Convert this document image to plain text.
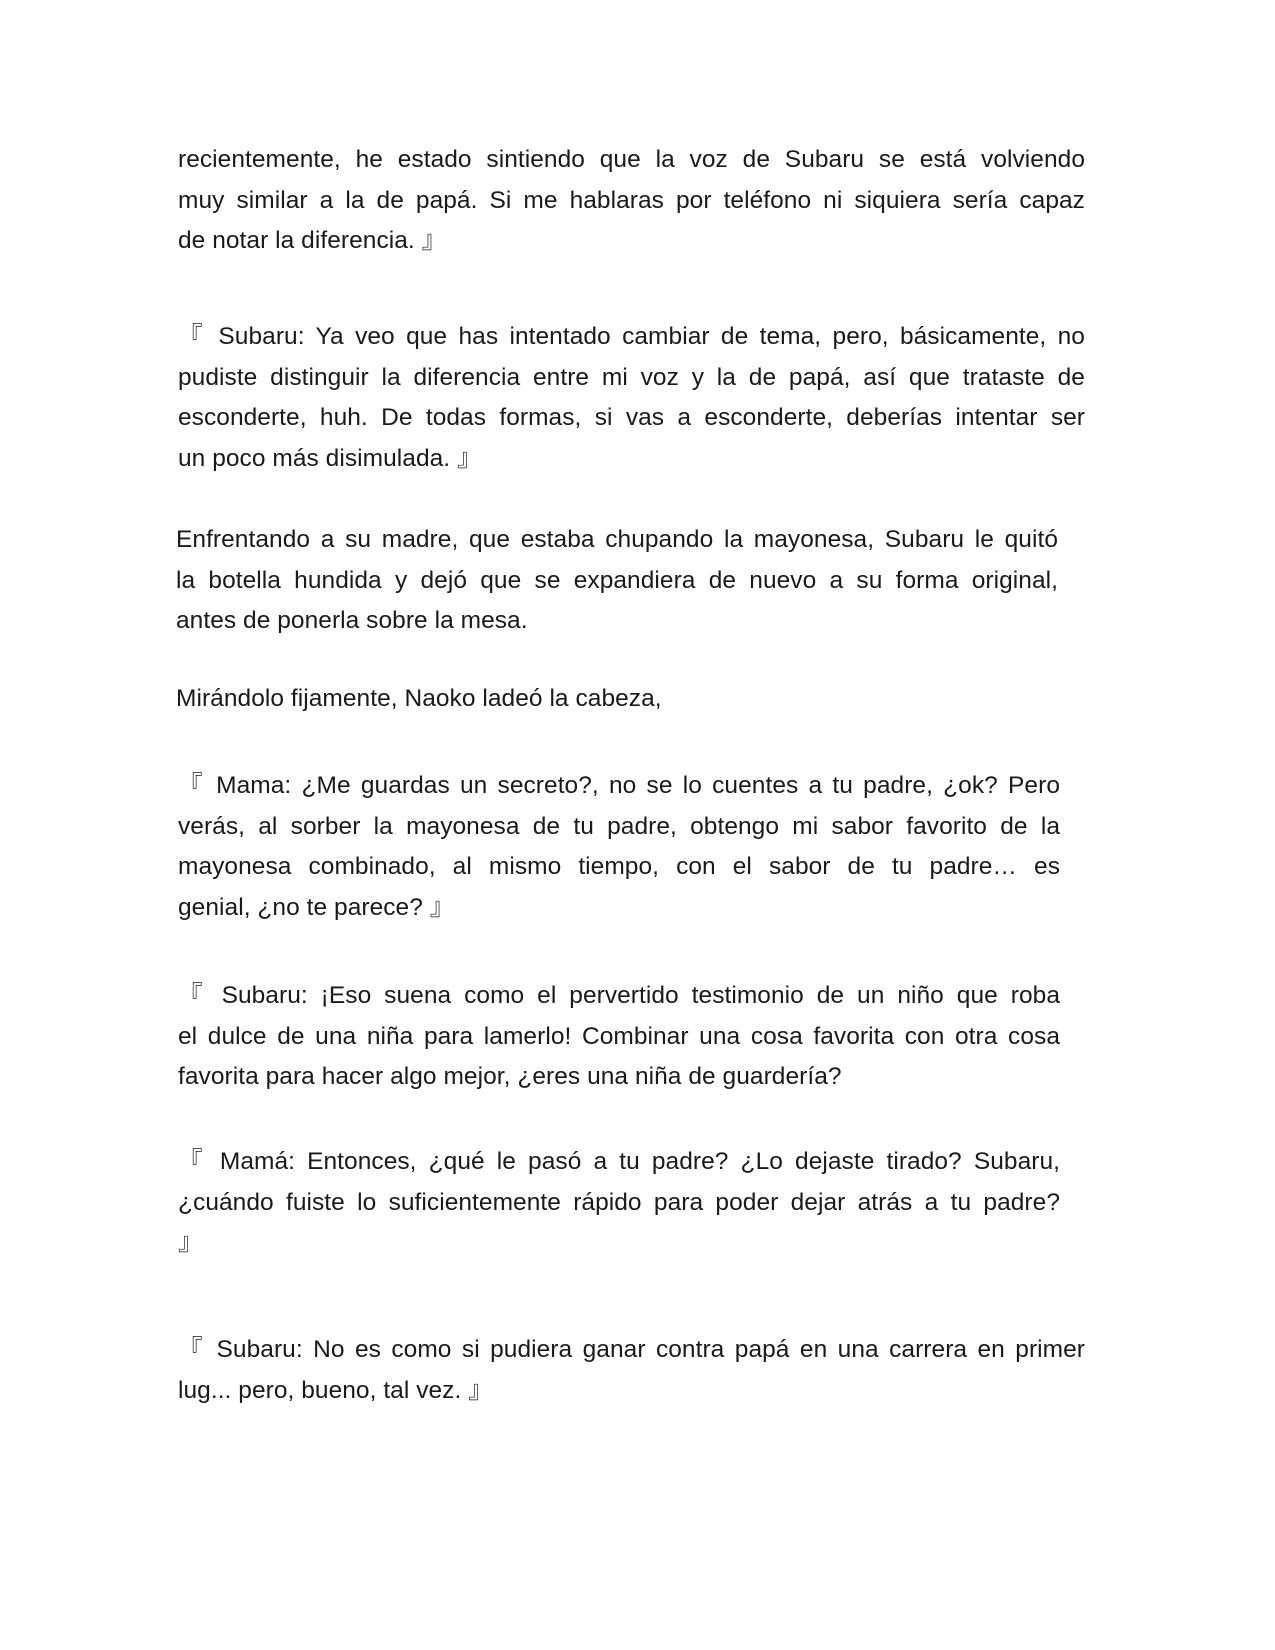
recientemente, he estado sintiendo que la voz de Subaru se está volviendo
muy similar a la de papá. Si me hablaras por teléfono ni siquiera sería capaz
de notar la diferencia. 』

『 Subaru: Ya veo que has intentado cambiar de tema, pero, básicamente, no
pudiste distinguir la diferencia entre mi voz y la de papá, así que trataste de
esconderte, huh. De todas formas, si vas a esconderte, deberías intentar ser
un poco más disimulada. 』

Enfrentando a su madre, que estaba chupando la mayonesa, Subaru le quitó
la botella hundida y dejó que se expandiera de nuevo a su forma original,
antes de ponerla sobre la mesa.

Mirándolo fijamente, Naoko ladeó la cabeza,

『 Mama: ¿Me guardas un secreto?, no se lo cuentes a tu padre, ¿ok? Pero
verás, al sorber la mayonesa de tu padre, obtengo mi sabor favorito de la
mayonesa combinado, al mismo tiempo, con el sabor de tu padre… es
genial, ¿no te parece? 』

『 Subaru: ¡Eso suena como el pervertido testimonio de un niño que roba
el dulce de una niña para lamerlo! Combinar una cosa favorita con otra cosa
favorita para hacer algo mejor, ¿eres una niña de guardería?

『 Mamá: Entonces, ¿qué le pasó a tu padre? ¿Lo dejaste tirado? Subaru,
¿cuándo fuiste lo suficientemente rápido para poder dejar atrás a tu padre?
』

『 Subaru: No es como si pudiera ganar contra papá en una carrera en primer
lug... pero, bueno, tal vez. 』
